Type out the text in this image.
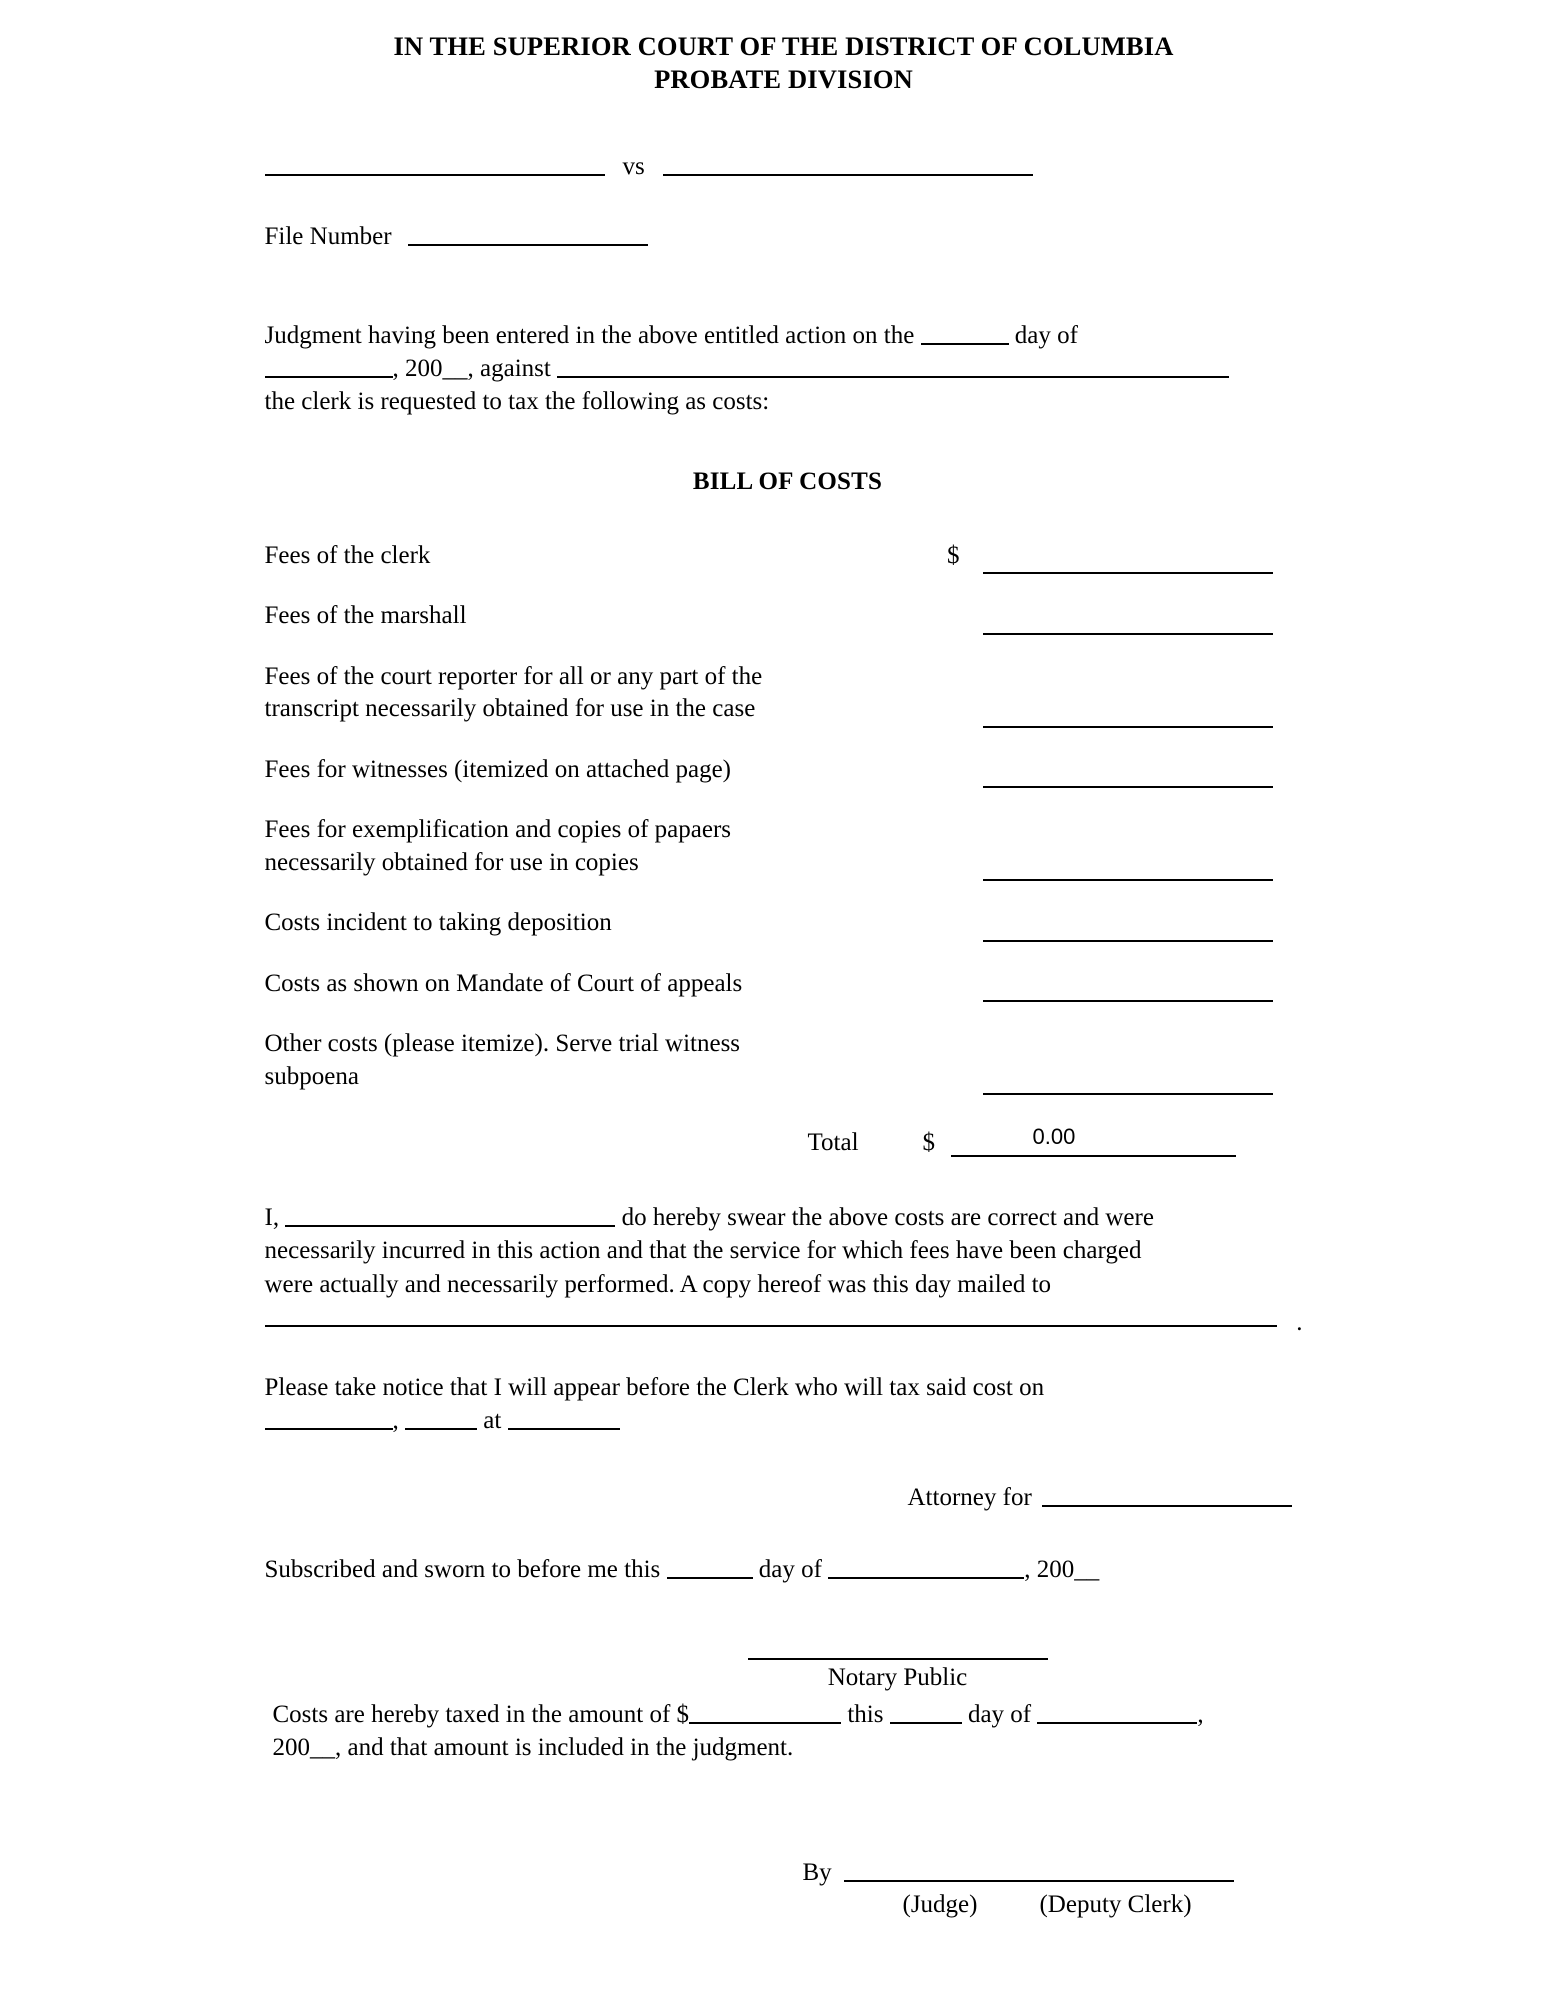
IN THE SUPERIOR COURT OF THE DISTRICT OF COLUMBIA
PROBATE DIVISION
vs
File Number
Judgment having been entered in the above entitled action on the	day of
, 200__, against
the clerk is requested to tax the following as costs:
BILL OF COSTS
Fees of the clerk	$	

Fees of the marshall		

Fees of the court reporter for all or any part of the
transcript necessarily obtained for use in the case		

Fees for witnesses (itemized on attached page)		

Fees for exemplification and copies of papaers
necessarily obtained for use in copies		

Costs incident to taking deposition		

Costs as shown on Mandate of Court of appeals		

Other costs (please itemize). Serve trial witness
subpoena		
Total	$	0.00
I,	do hereby swear the above costs are correct and were
necessarily incurred in this action and that the service for which fees have been charged
were actually and necessarily performed. A copy hereof was this day mailed to
.
Please take notice that I will appear before the Clerk who will tax said cost on
,	at
Attorney for
Subscribed and sworn to before me this	day of	, 200__
Notary Public
Costs are hereby taxed in the amount of $	this	day of	,
200__, and that amount is included in the judgment.
By
(Judge) (Deputy Clerk)
